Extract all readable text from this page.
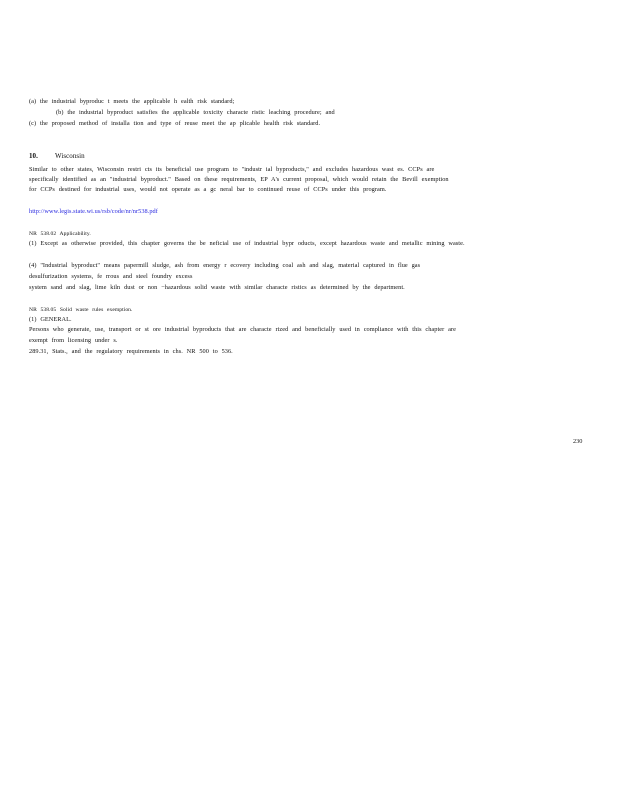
(a) the industrial byproduc t meets the applicable h ealth risk standard;
(b) the industrial byproduct satisfies the applicable toxicity characte ristic leaching procedure; and
(c) the proposed method of installa tion and type of reuse meet the ap plicable health risk standard.
10. Wisconsin
Similar to other states, Wisconsin restri cts its beneficial use program to "industr ial byproducts," and excludes hazardous wast es. CCPs are
specifically identified as an "industrial byproduct." Based on these requirements, EP A's current proposal, which would retain the Bevill exemption
for CCPs destined for industrial uses, would not operate as a gc neral bar to continued reuse of CCPs under this program.
http://www.legis.state.wi.us/rsb/code/nr/nr538.pdf
NR 538.02 Applicability.
(1) Except as otherwise provided, this chapter governs the be neficial use of industrial bypr oducts, except hazardous waste and metallic mining waste.
(4) "Industrial byproduct" means papermill sludge, ash from energy r ecovery including coal ash and slag, material captured in flue gas
desulfurization systems, fe rrous and steel foundry excess
system sand and slag, lime kiln dust or non −hazardous solid waste with similar characte ristics as determined by the department.
NR 538.05 Solid waste rules exemption.
(1) GENERAL.
Persons who generate, use, transport or st ore industrial byproducts that are characte rized and beneficially used in compliance with this chapter are
exempt from licensing under s.
289.31, Stats., and the regulatory requirements in chs. NR 500 to 536.
230
